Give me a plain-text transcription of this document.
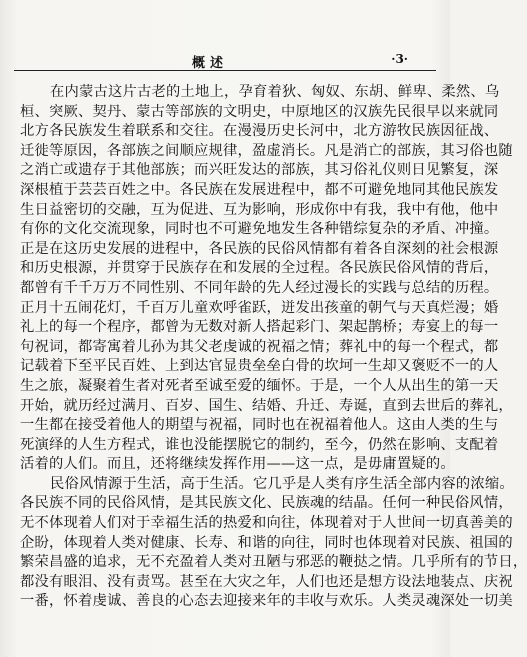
概述	·3·
在内蒙古这片古老的土地上，孕育着狄、匈奴、东胡、鲜卑、柔然、乌
桓、突厥、契丹、蒙古等部族的文明史，中原地区的汉族先民很早以来就同
北方各民族发生着联系和交往。在漫漫历史长河中，北方游牧民族因征战、
迁徙等原因，各部族之间顺应规律，盈虚消长。凡是消亡的部族，其习俗也随
之消亡或遗存于其他部族；而兴旺发达的部族，其习俗礼仪则日见繁复，深
深根植于芸芸百姓之中。各民族在发展进程中，都不可避免地同其他民族发
生日益密切的交融，互为促进、互为影响，形成你中有我，我中有他，他中
有你的文化交流现象，同时也不可避免地发生各种错综复杂的矛盾、冲撞。
正是在这历史发展的进程中，各民族的民俗风情都有着各自深刻的社会根源
和历史根源，并贯穿于民族存在和发展的全过程。各民族民俗风情的背后，
都曾有千千万万不同性别、不同年龄的先人经过漫长的实践与总结的历程。
正月十五闹花灯，千百万儿童欢呼雀跃，迸发出孩童的朝气与天真烂漫；婚
礼上的每一个程序，都曾为无数对新人搭起彩门、架起鹊桥；寿宴上的每一
句祝词，都寄寓着儿孙为其父老虔诚的祝福之情；葬礼中的每一个程式，都
记载着下至平民百姓、上到达官显贵垒垒白骨的坎坷一生却又褒贬不一的人
生之旅，凝聚着生者对死者至诚至爱的缅怀。于是，一个人从出生的第一天
开始，就历经过满月、百岁、国生、结婚、升迁、寿诞，直到去世后的葬礼，
一生都在接受着他人的期望与祝福，同时也在祝福着他人。这由人类的生与
死演绎的人生方程式，谁也没能摆脱它的制约，至今，仍然在影响、支配着
活着的人们。而且，还将继续发挥作用——这一点，是毋庸置疑的。
民俗风情源于生活，高于生活。它几乎是人类有序生活全部内容的浓缩。
各民族不同的民俗风情，是其民族文化、民族魂的结晶。任何一种民俗风情，
无不体现着人们对于幸福生活的热爱和向往，体现着对于人世间一切真善美的
企盼，体现着人类对健康、长寿、和谐的向往，同时也体现着对民族、祖国的
繁荣昌盛的追求，无不充盈着人类对丑陋与邪恶的鞭挞之情。几乎所有的节日，
都没有眼泪、没有责骂。甚至在大灾之年，人们也还是想方设法地装点、庆祝
一番，怀着虔诚、善良的心态去迎接来年的丰收与欢乐。人类灵魂深处一切美
